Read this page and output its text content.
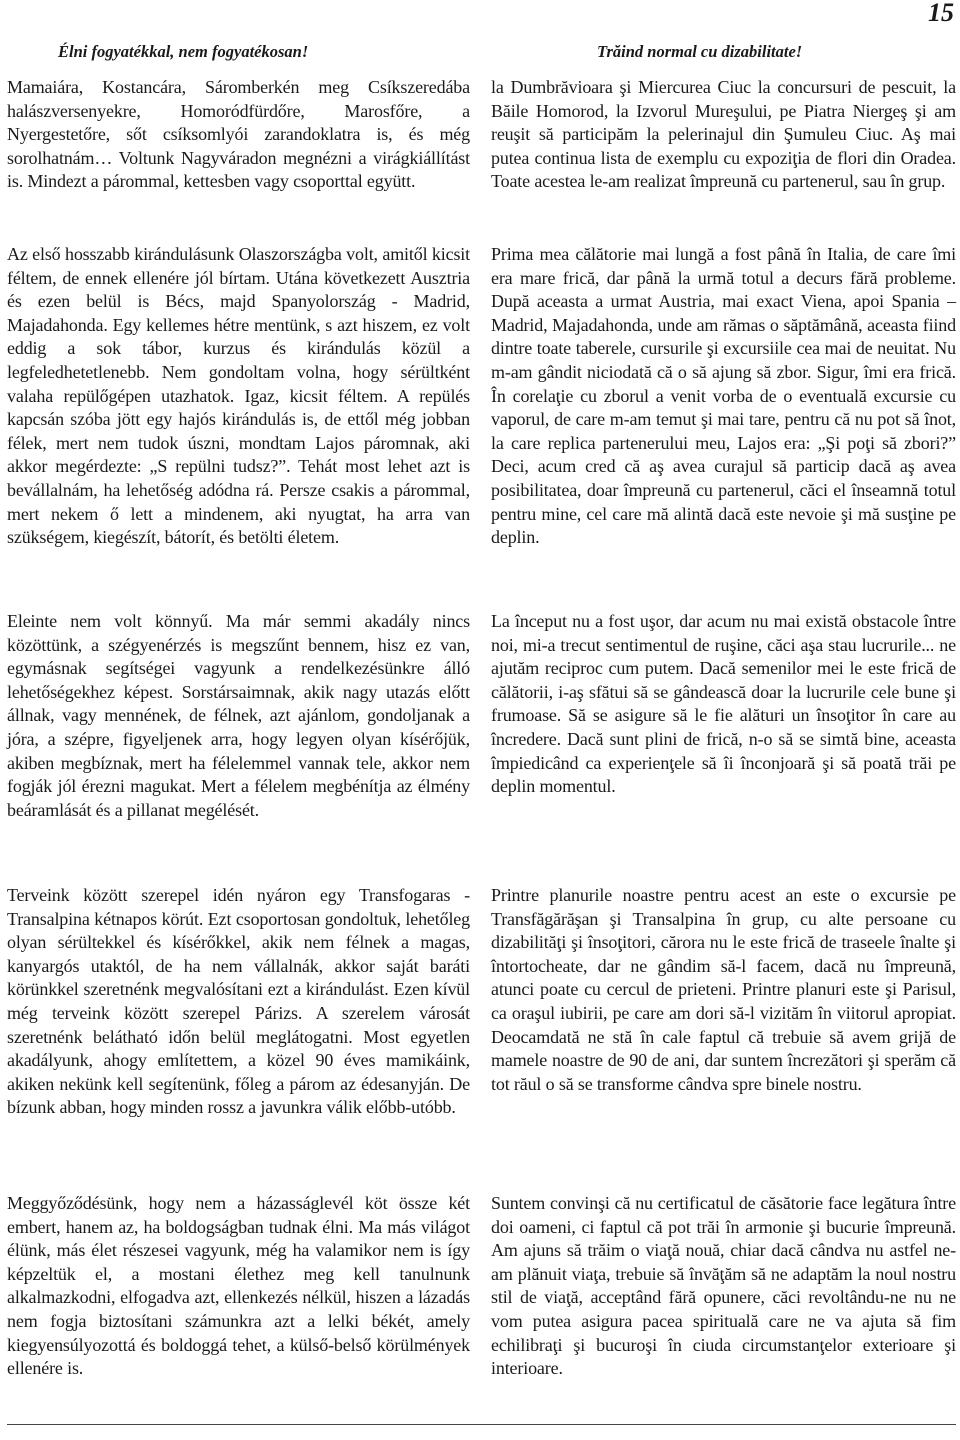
15
Élni fogyatékkal, nem fogyatékosan!	Trăind normal cu dizabilitate!

Mamaiára, Kostancára, Sáromberkén meg Csíkszeredába halászversenyekre, Homoródfürdőre, Marosfőre, a Nyergestetőre, sőt csíksomlyói zarandoklatra is, és még sorolhatnám… Voltunk Nagyváradon megnézni a virágkiállítást is. Mindezt a párommal, kettesben vagy csoporttal együtt.

Az első hosszabb kirándulásunk Olaszországba volt, amitől kicsit féltem, de ennek ellenére jól bírtam. Utána következett Ausztria és ezen belül is Bécs, majd Spanyolország - Madrid, Majadahonda. Egy kellemes hétre mentünk, s azt hiszem, ez volt eddig a sok tábor, kurzus és kirándulás közül a legfeledhetetlenebb. Nem gondoltam volna, hogy sérültként valaha repülőgépen utazhatok. Igaz, kicsit féltem. A repülés kapcsán szóba jött egy hajós kirándulás is, de ettől még jobban félek, mert nem tudok úszni, mondtam Lajos páromnak, aki akkor megérdezte: „S repülni tudsz?”. Tehát most lehet azt is bevállalnám, ha lehetőség adódna rá. Persze csakis a párommal, mert nekem ő lett a mindenem, aki nyugtat, ha arra van szükségem, kiegészít, bátorít, és betölti életem.

Eleinte nem volt könnyű. Ma már semmi akadály nincs közöttünk, a szégyenérzés is megszűnt bennem, hisz ez van, egymásnak segítségei vagyunk a rendelkezésünkre álló lehetőségekhez képest. Sorstársaimnak, akik nagy utazás előtt állnak, vagy mennének, de félnek, azt ajánlom, gondoljanak a jóra, a szépre, figyeljenek arra, hogy legyen olyan kísérőjük, akiben megbíznak, mert ha félelemmel vannak tele, akkor nem fogják jól érezni magukat. Mert a félelem megbénítja az élmény beáramlását és a pillanat megélését.

Terveink között szerepel idén nyáron egy Transfogaras - Transalpina kétnapos körút. Ezt csoportosan gondoltuk, lehetőleg olyan sérültekkel és kísérőkkel, akik nem félnek a magas, kanyargós utaktól, de ha nem vállalnák, akkor saját baráti körünkkel szeretnénk megvalósítani ezt a kirándulást. Ezen kívül még terveink között szerepel Párizs. A szerelem városát szeretnénk belátható időn belül meglátogatni. Most egyetlen akadályunk, ahogy említettem, a közel 90 éves mamikáink, akiken nekünk kell segítenünk, főleg a párom az édesanyján. De bízunk abban, hogy minden rossz a javunkra válik előbb-utóbb.

Meggyőződésünk, hogy nem a házasságlevél köt össze két embert, hanem az, ha boldogságban tudnak élni. Ma más világot élünk, más élet részesei vagyunk, még ha valamikor nem is így képzeltük el, a mostani élethez meg kell tanulnunk alkalmazkodni, elfogadva azt, ellenkezés nélkül, hiszen a lázadás nem fogja biztosítani számunkra azt a lelki békét, amely kiegyensúlyozottá és boldoggá tehet, a külső-belső körülmények ellenére is.

la Dumbrăvioara şi Miercurea Ciuc la concursuri de pescuit, la Băile Homorod, la Izvorul Mureşului, pe Piatra Niergeş şi am reuşit să participăm la pelerinajul din Şumuleu Ciuc. Aş mai putea continua lista de exemplu cu expoziţia de flori din Oradea. Toate acestea le-am realizat împreună cu partenerul, sau în grup.

Prima mea călătorie mai lungă a fost până în Italia, de care îmi era mare frică, dar până la urmă totul a decurs fără probleme. După aceasta a urmat Austria, mai exact Viena, apoi Spania – Madrid, Majadahonda, unde am rămas o săptămână, aceasta fiind dintre toate taberele, cursurile şi excursiile cea mai de neuitat. Nu m-am gândit niciodată că o să ajung să zbor. Sigur, îmi era frică. În corelaţie cu zborul a venit vorba de o eventuală excursie cu vaporul, de care m-am temut şi mai tare, pentru că nu pot să înot, la care replica partenerului meu, Lajos era: „Şi poţi să zbori?” Deci, acum cred că aş avea curajul să particip dacă aş avea posibilitatea, doar împreună cu partenerul, căci el înseamnă totul pentru mine, cel care mă alintă dacă este nevoie şi mă susţine pe deplin.

La început nu a fost uşor, dar acum nu mai există obstacole între noi, mi-a trecut sentimentul de ruşine, căci aşa stau lucrurile... ne ajutăm reciproc cum putem. Dacă semenilor mei le este frică de călătorii, i-aş sfătui să se gândească doar la lucrurile cele bune şi frumoase. Să se asigure să le fie alături un însoţitor în care au încredere. Dacă sunt plini de frică, n-o să se simtă bine, aceasta împiedicând ca experienţele să îi înconjoară şi să poată trăi pe deplin momentul.

Printre planurile noastre pentru acest an este o excursie pe Transfăgărăşan şi Transalpina în grup, cu alte persoane cu dizabilităţi şi însoţitori, cărora nu le este frică de traseele înalte şi întortocheate, dar ne gândim să-l facem, dacă nu împreună, atunci poate cu cercul de prieteni. Printre planuri este şi Parisul, ca oraşul iubirii, pe care am dori să-l vizităm în viitorul apropiat. Deocamdată ne stă în cale faptul că trebuie să avem grijă de mamele noastre de 90 de ani, dar suntem încrezători şi sperăm că tot răul o să se transforme cândva spre binele nostru.

Suntem convinşi că nu certificatul de căsătorie face legătura între doi oameni, ci faptul că pot trăi în armonie şi bucurie împreună. Am ajuns să trăim o viaţă nouă, chiar dacă cândva nu astfel ne-am plănuit viaţa, trebuie să învăţăm să ne adaptăm la noul nostru stil de viaţă, acceptând fără opunere, căci revoltându-ne nu ne vom putea asigura pacea spirituală care ne va ajuta să fim echilibraţi şi bucuroşi în ciuda circumstanţelor exterioare şi interioare.
